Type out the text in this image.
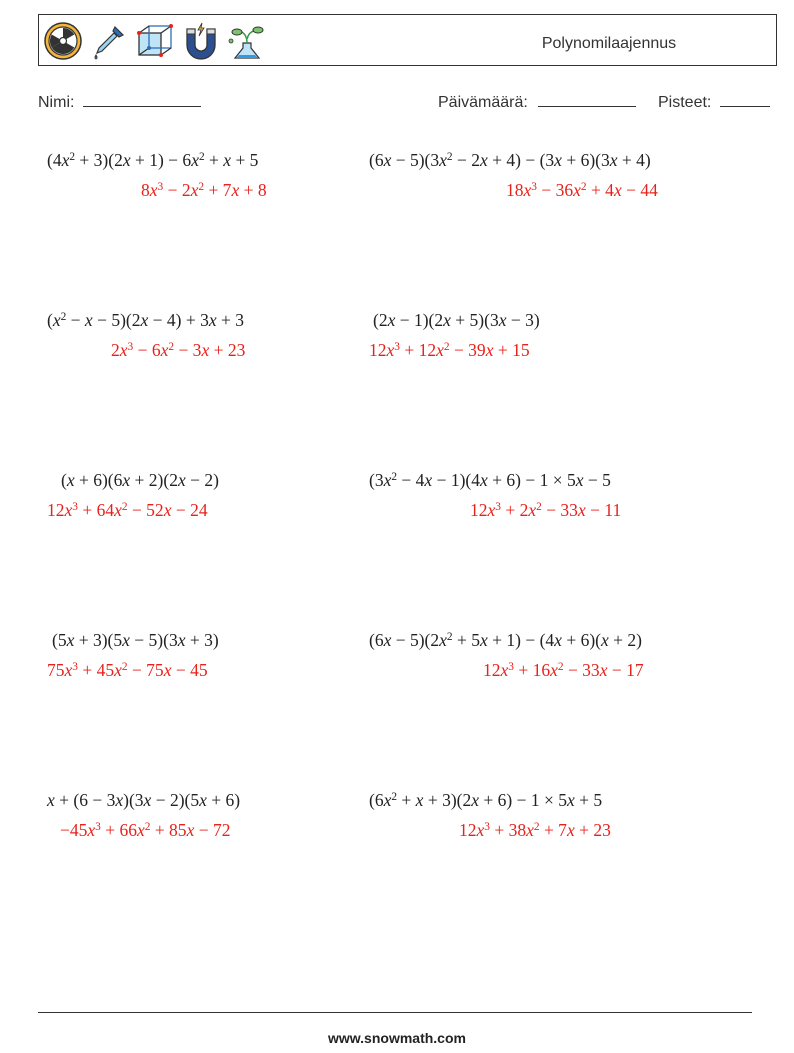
Polynomilaajennus
Nimi:	Päivämäärä:	Pisteet:
$(4x^2 + 3)(2x + 1) - 6x^2 + x + 5$
$8x^3 - 2x^2 + 7x + 8$
$(6x - 5)(3x^2 - 2x + 4) - (3x + 6)(3x + 4)$
$18x^3 - 36x^2 + 4x - 44$
$(x^2 - x - 5)(2x - 4) + 3x + 3$
$2x^3 - 6x^2 - 3x + 23$
(2x − 1)(2x + 5)(3x − 3)
$12x^3 + 12x^2 - 39x + 15$
(x + 6)(6x + 2)(2x − 2)
$12x^3 + 64x^2 - 52x - 24$
$(3x^2 - 4x - 1)(4x + 6) - 1 \times 5x - 5$
$12x^3 + 2x^2 - 33x - 11$
(5x + 3)(5x − 5)(3x + 3)
$75x^3 + 45x^2 - 75x - 45$
$(6x - 5)(2x^2 + 5x + 1) - (4x + 6)(x + 2)$
$12x^3 + 16x^2 - 33x - 17$
x + (6 − 3x)(3x − 2)(5x + 6)
$-45x^3 + 66x^2 + 85x - 72$
$(6x^2 + x + 3)(2x + 6) - 1 \times 5x + 5$
$12x^3 + 38x^2 + 7x + 23$
www.snowmath.com
